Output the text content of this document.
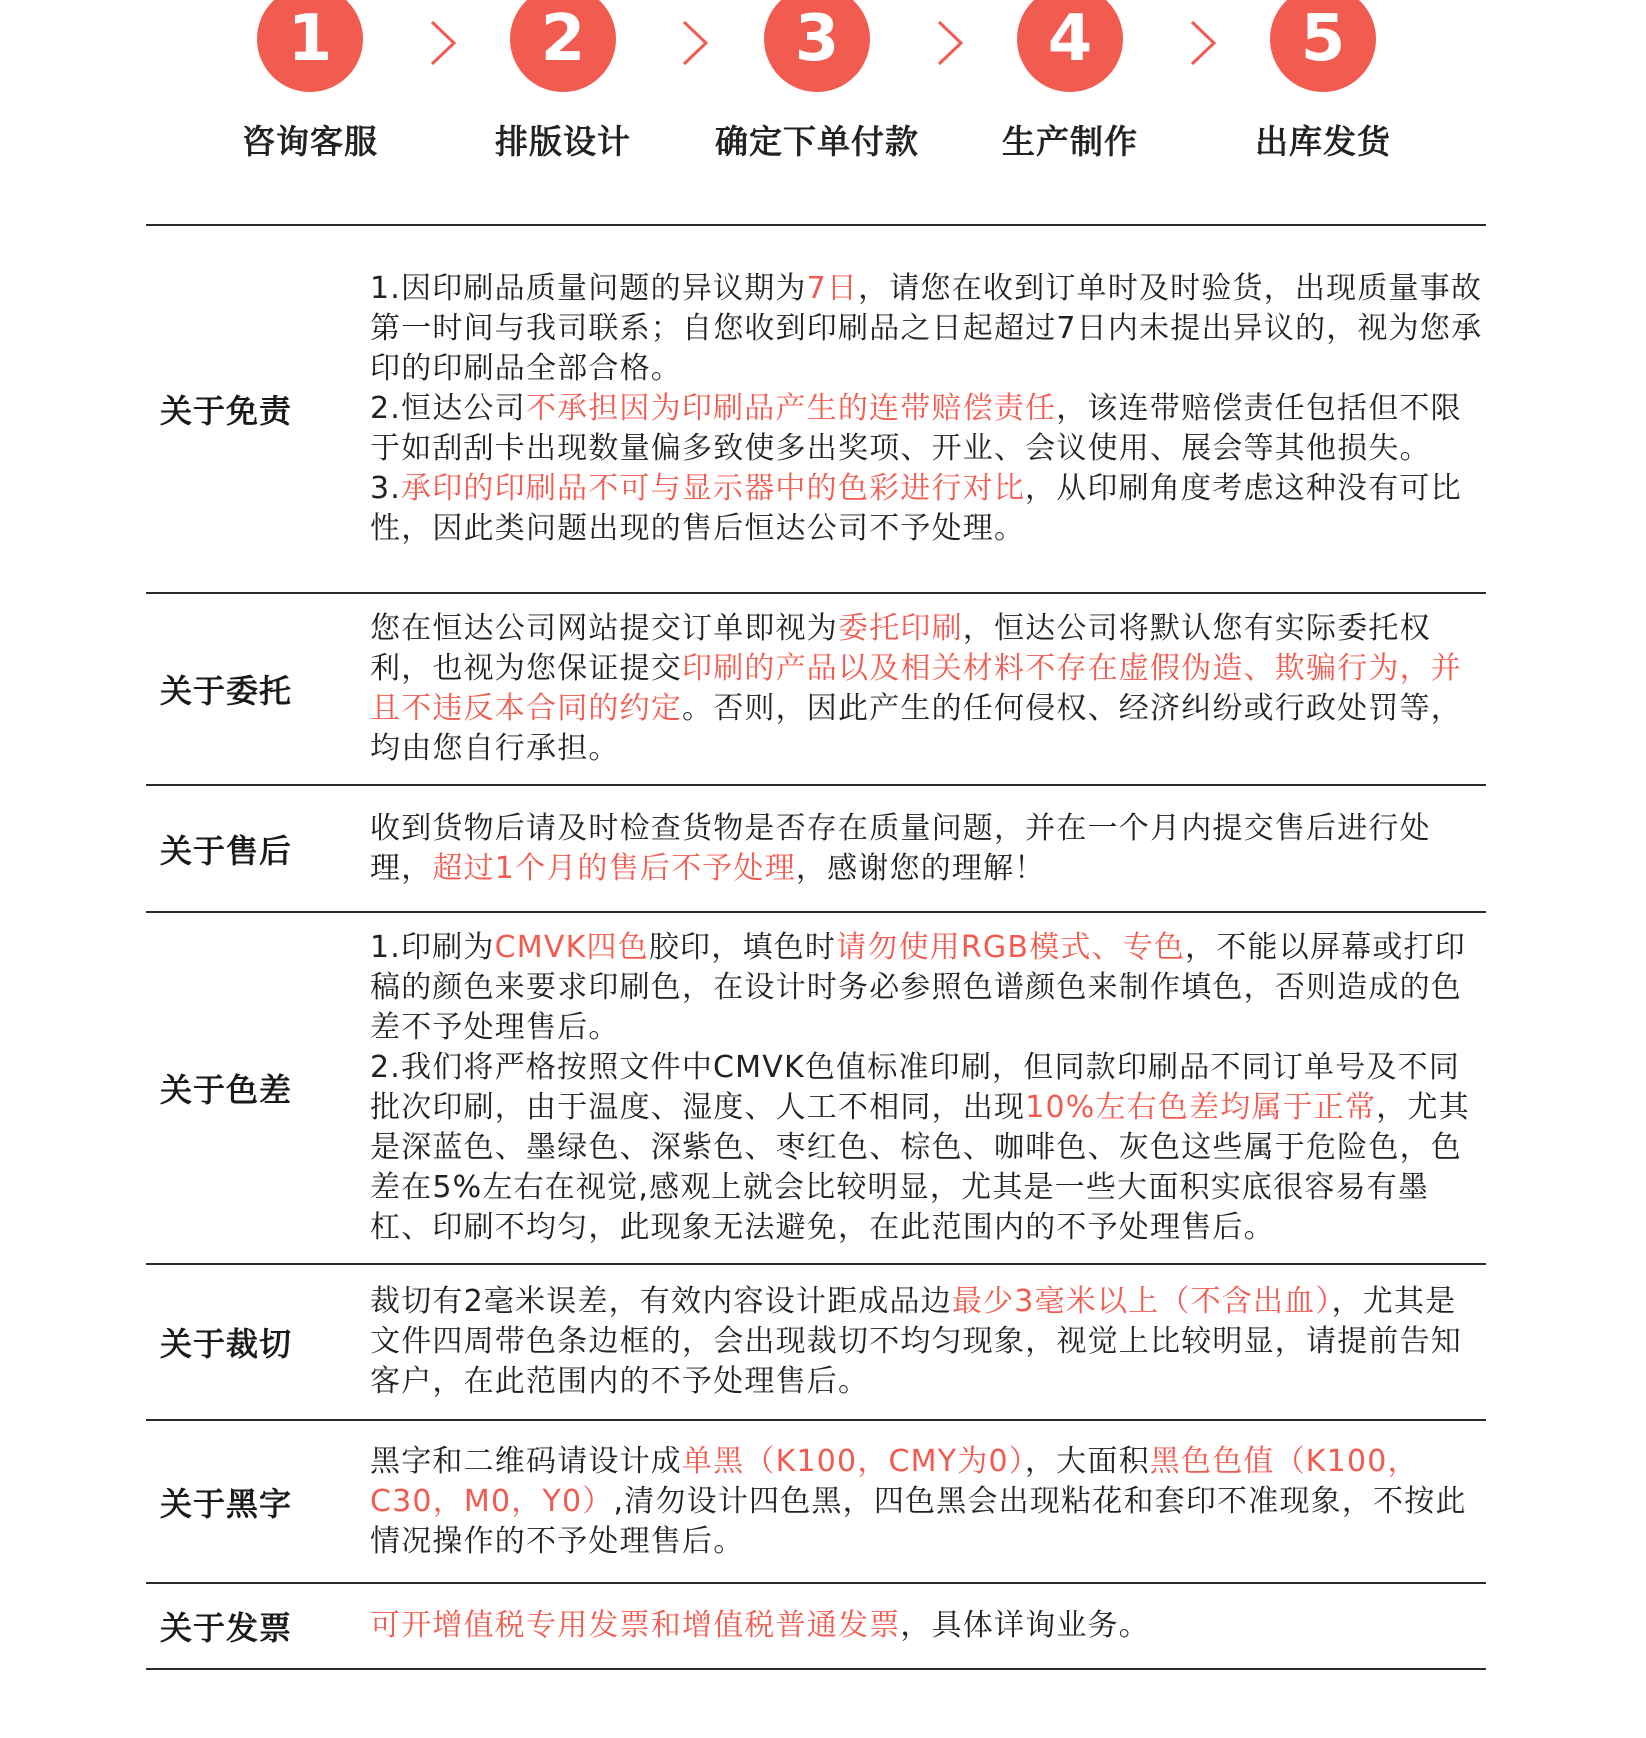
1
咨询客服
2
排版设计
3
确定下单付款
4
生产制作
5
出库发货
关于免责

1.因印刷品质量问题的异议期为7日，请您在收到订单时及时验货，出现质量事故第一时间与我司联系；自您收到印刷品之日起超过7日内未提出异议的，视为您承印的印刷品全部合格。

2.恒达公司不承担因为印刷品产生的连带赔偿责任，该连带赔偿责任包括但不限于如刮刮卡出现数量偏多致使多出奖项、开业、会议使用、展会等其他损失。

3.承印的印刷品不可与显示器中的色彩进行对比，从印刷角度考虑这种没有可比性，因此类问题出现的售后恒达公司不予处理。

关于委托

您在恒达公司网站提交订单即视为委托印刷，恒达公司将默认您有实际委托权利，也视为您保证提交印刷的产品以及相关材料不存在虚假伪造、欺骗行为，并且不违反本合同的约定。否则，因此产生的任何侵权、经济纠纷或行政处罚等，均由您自行承担。

关于售后

收到货物后请及时检查货物是否存在质量问题，并在一个月内提交售后进行处理，超过1个月的售后不予处理，感谢您的理解！

关于色差

1.印刷为CMVK四色胶印，填色时请勿使用RGB模式、专色，不能以屏幕或打印稿的颜色来要求印刷色，在设计时务必参照色谱颜色来制作填色，否则造成的色差不予处理售后。

2.我们将严格按照文件中CMVK色值标准印刷，但同款印刷品不同订单号及不同批次印刷，由于温度、湿度、人工不相同，出现10%左右色差均属于正常，尤其是深蓝色、墨绿色、深紫色、枣红色、棕色、咖啡色、灰色这些属于危险色，色差在5%左右在视觉,感观上就会比较明显，尤其是一些大面积实底很容易有墨杠、印刷不均匀，此现象无法避免，在此范围内的不予处理售后。

关于裁切

裁切有2毫米误差，有效内容设计距成品边最少3毫米以上（不含出血），尤其是文件四周带色条边框的，会出现裁切不均匀现象，视觉上比较明显，请提前告知客户，在此范围内的不予处理售后。

关于黑字

黑字和二维码请设计成单黑（K100，CMY为0），大面积黑色色值（K100，C30，M0，Y0）,清勿设计四色黑，四色黑会出现粘花和套印不准现象，不按此情况操作的不予处理售后。

关于发票	可开增值税专用发票和增值税普通发票，具体详询业务。
